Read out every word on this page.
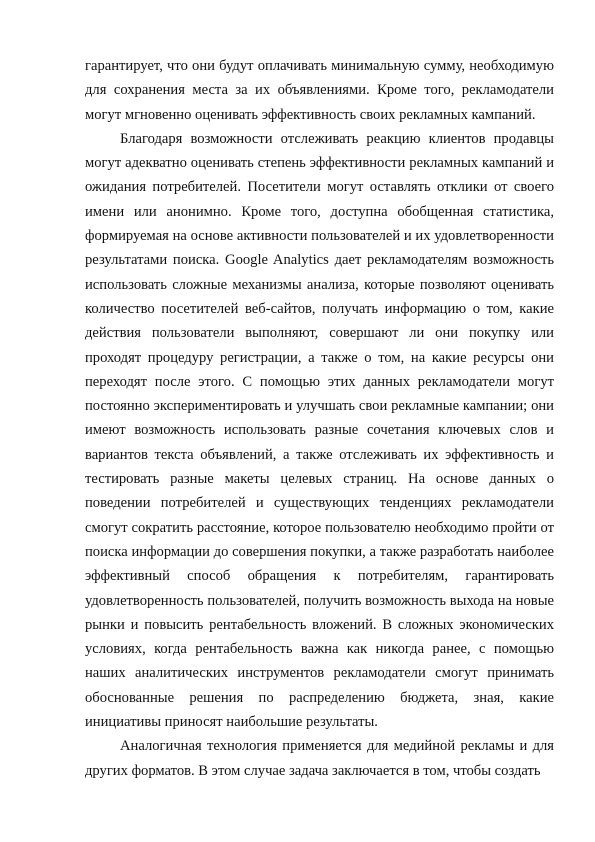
гарантирует, что они будут оплачивать минимальную сумму, необходимую для сохранения места за их объявлениями. Кроме того, рекламодатели могут мгновенно оценивать эффективность своих рекламных кампаний.

Благодаря возможности отслеживать реакцию клиентов продавцы могут адекватно оценивать степень эффективности рекламных кампаний и ожидания потребителей. Посетители могут оставлять отклики от своего имени или анонимно. Кроме того, доступна обобщенная статистика, формируемая на основе активности пользователей и их удовлетворенности результатами поиска. Google Analytics дает рекламодателям возможность использовать сложные механизмы анализа, которые позволяют оценивать количество посетителей веб-сайтов, получать информацию о том, какие действия пользователи выполняют, совершают ли они покупку или проходят процедуру регистрации, а также о том, на какие ресурсы они переходят после этого. С помощью этих данных рекламодатели могут постоянно экспериментировать и улучшать свои рекламные кампании; они имеют возможность использовать разные сочетания ключевых слов и вариантов текста объявлений, а также отслеживать их эффективность и тестировать разные макеты целевых страниц. На основе данных о поведении потребителей и существующих тенденциях рекламодатели смогут сократить расстояние, которое пользователю необходимо пройти от поиска информации до совершения покупки, а также разработать наиболее эффективный способ обращения к потребителям, гарантировать удовлетворенность пользователей, получить возможность выхода на новые рынки и повысить рентабельность вложений. В сложных экономических условиях, когда рентабельность важна как никогда ранее, с помощью наших аналитических инструментов рекламодатели смогут принимать обоснованные решения по распределению бюджета, зная, какие инициативы приносят наибольшие результаты.

Аналогичная технология применяется для медийной рекламы и для других форматов. В этом случае задача заключается в том, чтобы создать
